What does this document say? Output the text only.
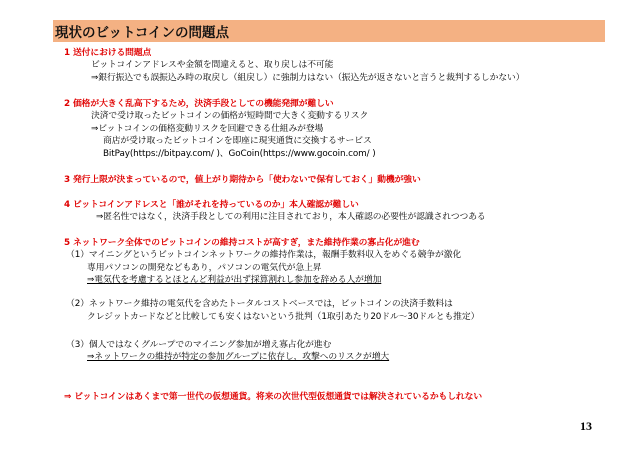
現状のビットコインの問題点
1 送付における問題点
ビットコインアドレスや金額を間違えると、取り戻しは不可能
⇒銀行振込でも誤振込み時の取戻し（組戻し）に強制力はない（振込先が返さないと言うと裁判するしかない）
2 価格が大きく乱高下するため，決済手段としての機能発揮が難しい
決済で受け取ったビットコインの価格が短時間で大きく変動するリスク
⇒ビットコインの価格変動リスクを回避できる仕組みが登場
商店が受け取ったビットコインを即座に現実通貨に交換するサービス
BitPay(https://bitpay.com/ )、GoCoin(https://www.gocoin.com/ )
3 発行上限が決まっているので，値上がり期待から「使わないで保有しておく」動機が強い
4 ビットコインアドレスと「誰がそれを持っているのか」本人確認が難しい
⇒匿名性ではなく，決済手段としての利用に注目されており，本人確認の必要性が認識されつつある
5 ネットワーク全体でのビットコインの維持コストが高すぎ，また維持作業の寡占化が進む
（1）マイニングというビットコインネットワークの維持作業は，報酬手数料収入をめぐる競争が激化
専用パソコンの開発などもあり，パソコンの電気代が急上昇
⇒電気代を考慮するとほとんど利益が出ず採算割れし参加を辞める人が増加
（2）ネットワーク維持の電気代を含めたトータルコストベースでは，ビットコインの決済手数料は
クレジットカードなどと比較しても安くはないという批判（1取引あたり20ドル～30ドルとも推定）
（3）個人ではなくグループでのマイニング参加が増え寡占化が進む
⇒ネットワークの維持が特定の参加グループに依存し，攻撃へのリスクが増大
⇒ ビットコインはあくまで第一世代の仮想通貨。将来の次世代型仮想通貨では解決されているかもしれない
13
